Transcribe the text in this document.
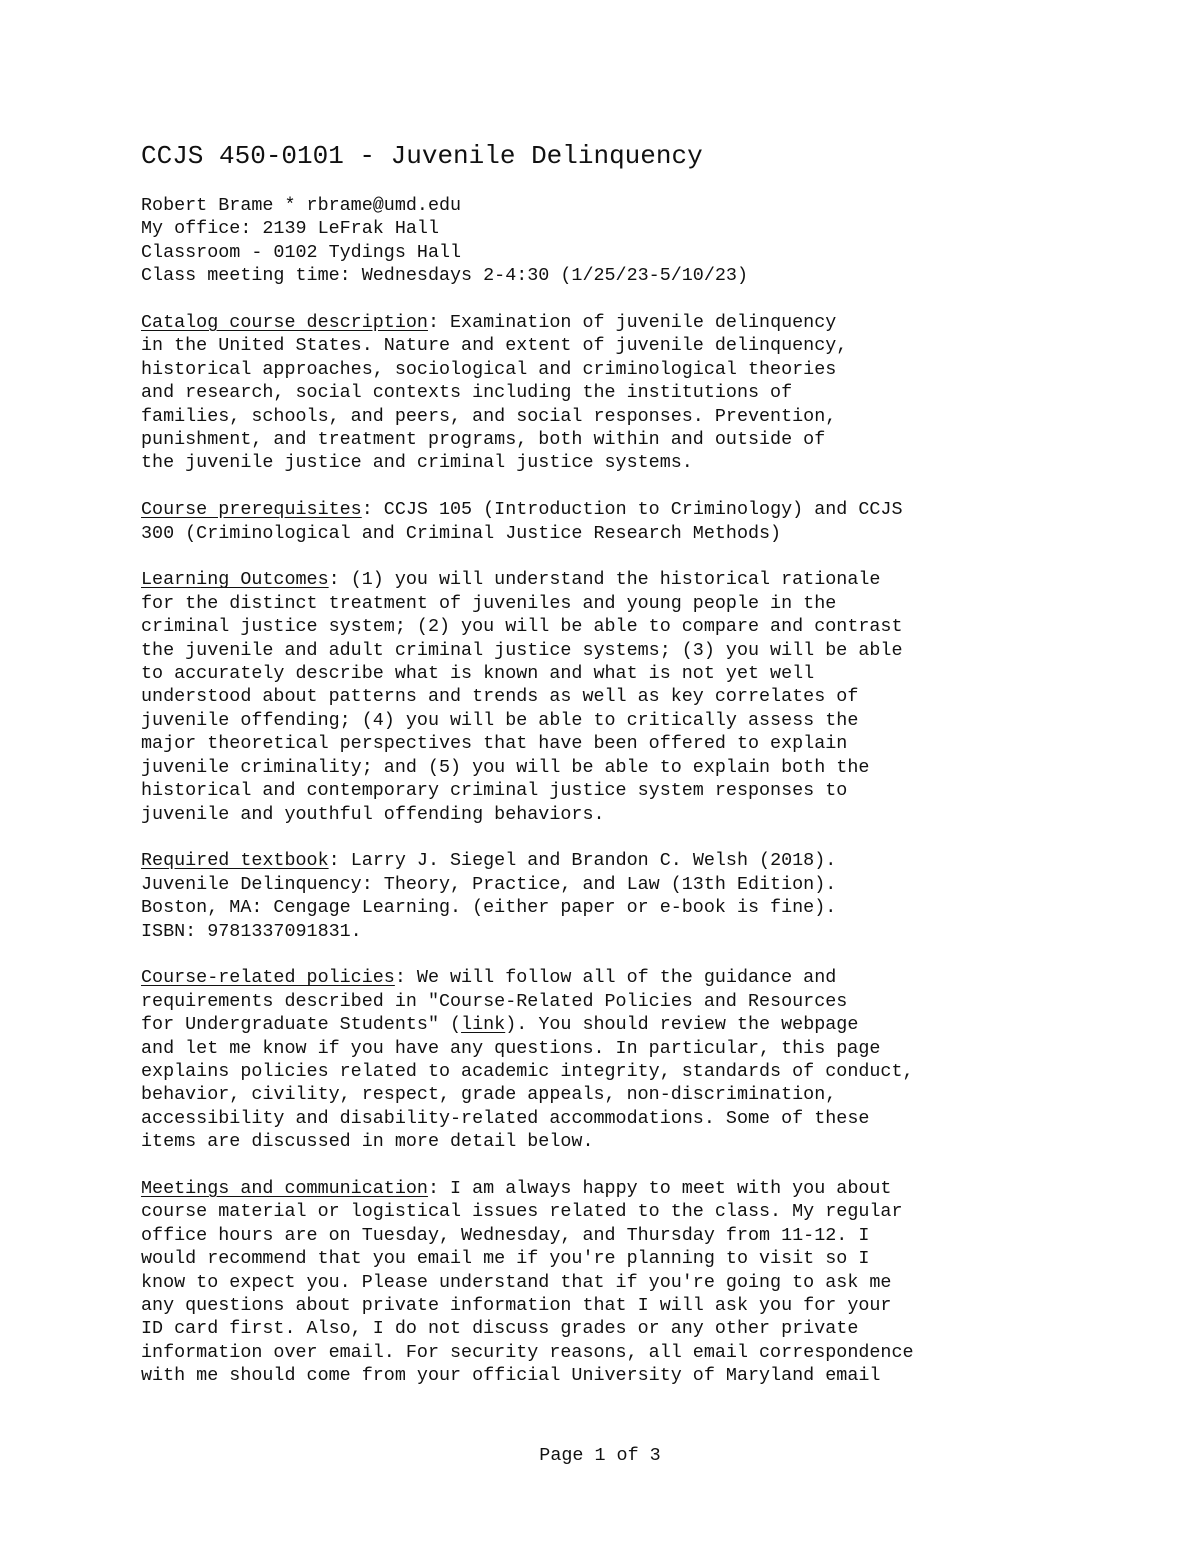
CCJS 450-0101 - Juvenile Delinquency
Robert Brame * rbrame@umd.edu
My office: 2139 LeFrak Hall
Classroom - 0102 Tydings Hall
Class meeting time: Wednesdays 2-4:30 (1/25/23-5/10/23)
Catalog course description: Examination of juvenile delinquency
in the United States. Nature and extent of juvenile delinquency,
historical approaches, sociological and criminological theories
and research, social contexts including the institutions of
families, schools, and peers, and social responses. Prevention,
punishment, and treatment programs, both within and outside of
the juvenile justice and criminal justice systems.
Course prerequisites: CCJS 105 (Introduction to Criminology) and CCJS
300 (Criminological and Criminal Justice Research Methods)
Learning Outcomes: (1) you will understand the historical rationale
for the distinct treatment of juveniles and young people in the
criminal justice system; (2) you will be able to compare and contrast
the juvenile and adult criminal justice systems; (3) you will be able
to accurately describe what is known and what is not yet well
understood about patterns and trends as well as key correlates of
juvenile offending; (4) you will be able to critically assess the
major theoretical perspectives that have been offered to explain
juvenile criminality; and (5) you will be able to explain both the
historical and contemporary criminal justice system responses to
juvenile and youthful offending behaviors.
Required textbook: Larry J. Siegel and Brandon C. Welsh (2018).
Juvenile Delinquency: Theory, Practice, and Law (13th Edition).
Boston, MA: Cengage Learning. (either paper or e-book is fine).
ISBN: 9781337091831.
Course-related policies: We will follow all of the guidance and
requirements described in "Course-Related Policies and Resources
for Undergraduate Students" (link). You should review the webpage
and let me know if you have any questions. In particular, this page
explains policies related to academic integrity, standards of conduct,
behavior, civility, respect, grade appeals, non-discrimination,
accessibility and disability-related accommodations. Some of these
items are discussed in more detail below.
Meetings and communication: I am always happy to meet with you about
course material or logistical issues related to the class. My regular
office hours are on Tuesday, Wednesday, and Thursday from 11-12. I
would recommend that you email me if you're planning to visit so I
know to expect you. Please understand that if you're going to ask me
any questions about private information that I will ask you for your
ID card first. Also, I do not discuss grades or any other private
information over email. For security reasons, all email correspondence
with me should come from your official University of Maryland email
Page 1 of 3
